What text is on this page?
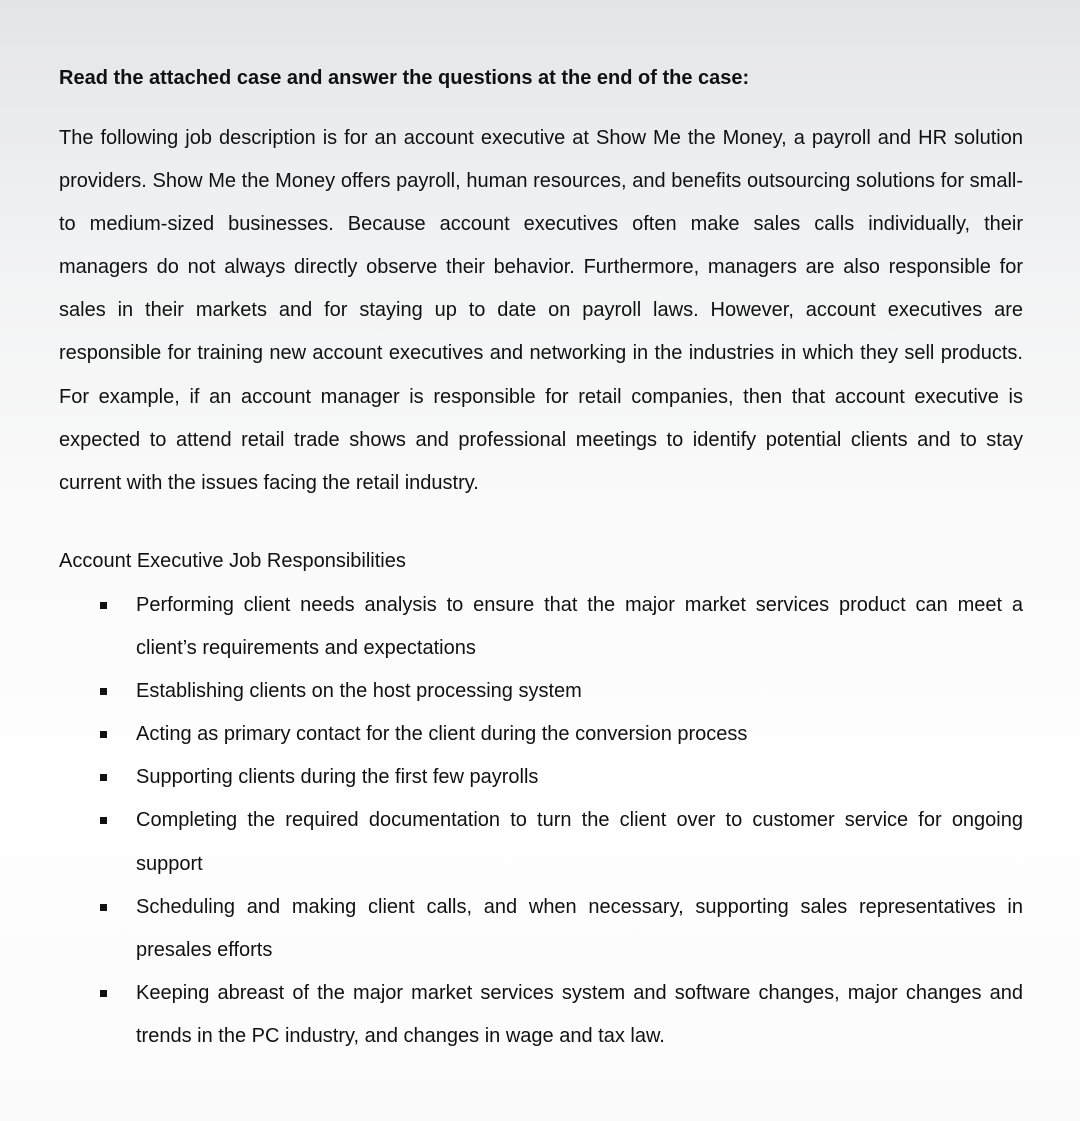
Read the attached case and answer the questions at the end of the case:

The following job description is for an account executive at Show Me the Money, a payroll and HR solution providers. Show Me the Money offers payroll, human resources, and benefits outsourcing solutions for small-to medium-sized businesses. Because account executives often make sales calls individually, their managers do not always directly observe their behavior. Furthermore, managers are also responsible for sales in their markets and for staying up to date on payroll laws. However, account executives are responsible for training new account executives and networking in the industries in which they sell products. For example, if an account manager is responsible for retail companies, then that account executive is expected to attend retail trade shows and professional meetings to identify potential clients and to stay current with the issues facing the retail industry.

Account Executive Job Responsibilities

Performing client needs analysis to ensure that the major market services product can meet a client’s requirements and expectations
Establishing clients on the host processing system
Acting as primary contact for the client during the conversion process
Supporting clients during the first few payrolls
Completing the required documentation to turn the client over to customer service for ongoing support
Scheduling and making client calls, and when necessary, supporting sales representatives in presales efforts
Keeping abreast of the major market services system and software changes, major changes and trends in the PC industry, and changes in wage and tax law.
